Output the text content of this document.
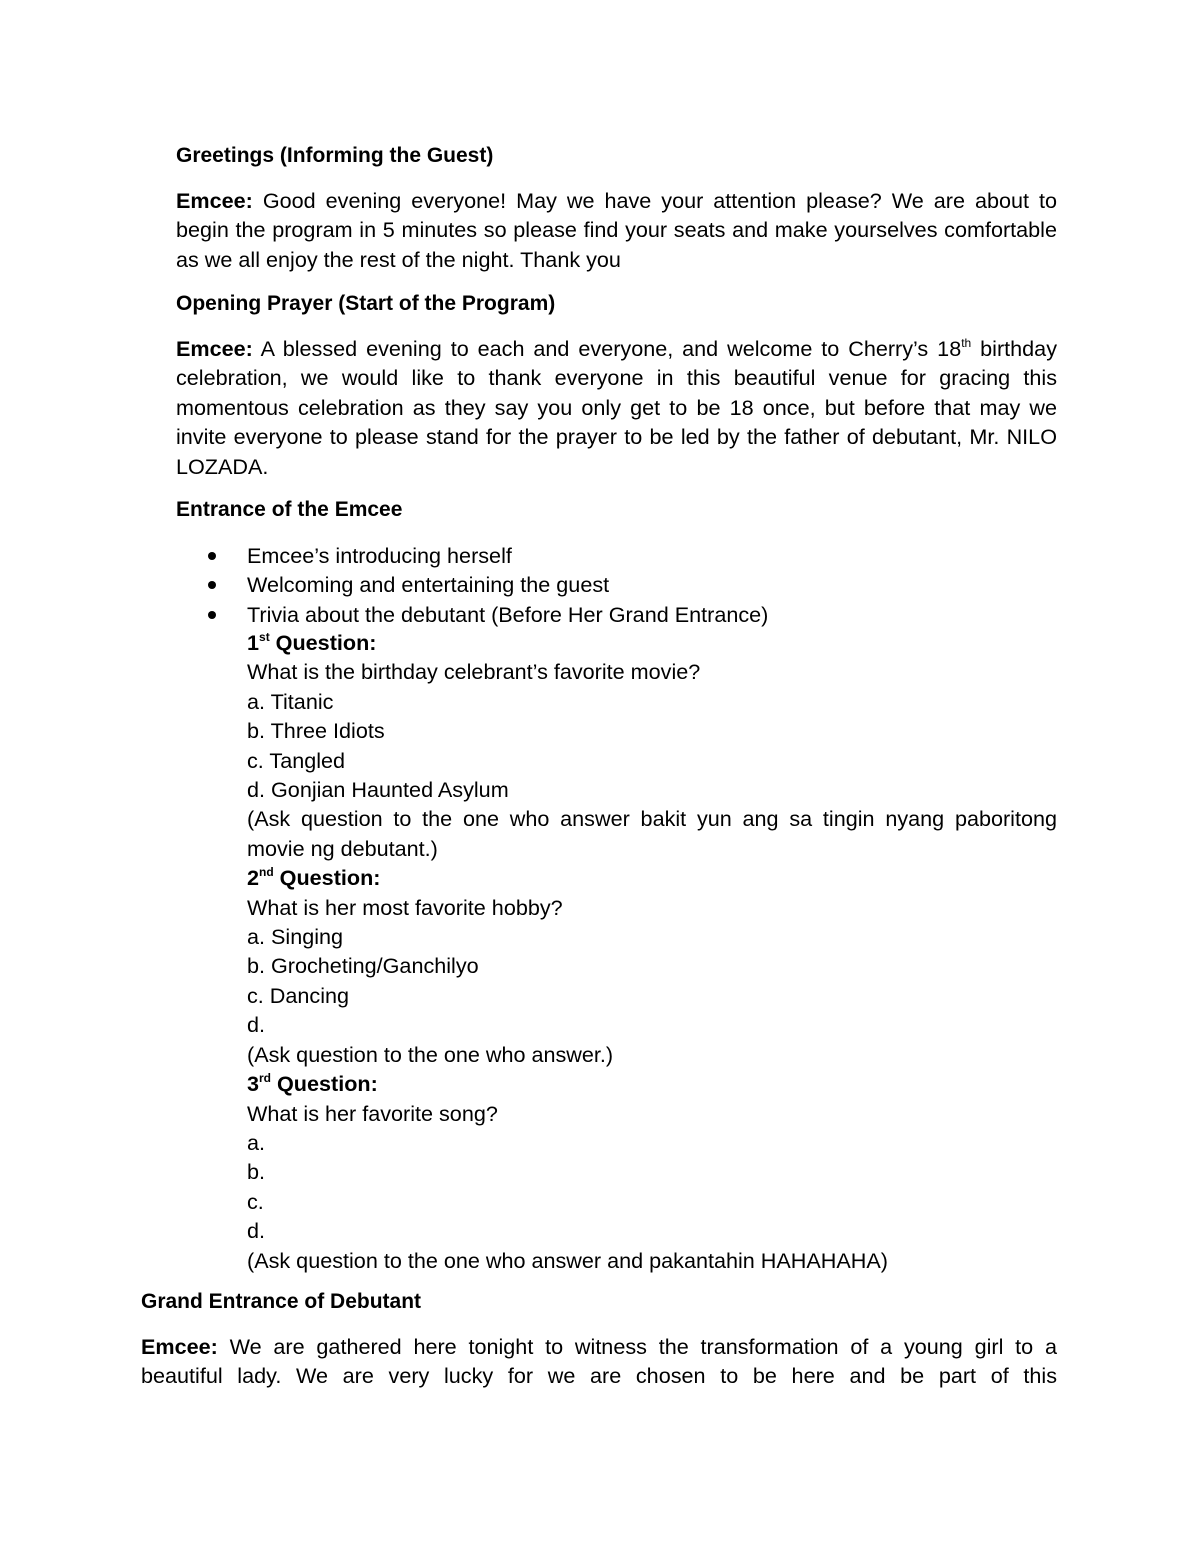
Greetings (Informing the Guest)
Emcee: Good evening everyone! May we have your attention please? We are about to begin the program in 5 minutes so please find your seats and make yourselves comfortable as we all enjoy the rest of the night. Thank you
Opening Prayer (Start of the Program)
Emcee: A blessed evening to each and everyone, and welcome to Cherry’s 18th birthday celebration, we would like to thank everyone in this beautiful venue for gracing this momentous celebration as they say you only get to be 18 once, but before that may we invite everyone to please stand for the prayer to be led by the father of debutant, Mr. NILO LOZADA.
Entrance of the Emcee
Emcee’s introducing herself
Welcoming and entertaining the guest
Trivia about the debutant (Before Her Grand Entrance)
1st Question:
What is the birthday celebrant’s favorite movie?
a. Titanic
b. Three Idiots
c. Tangled
d. Gonjian Haunted Asylum
(Ask question to the one who answer bakit yun ang sa tingin nyang paboritong movie ng debutant.)
2nd Question:
What is her most favorite hobby?
a. Singing
b. Grocheting/Ganchilyo
c. Dancing
d.
(Ask question to the one who answer.)
3rd Question:
What is her favorite song?
a.
b.
c.
d.
(Ask question to the one who answer and pakantahin HAHAHAHA)
Grand Entrance of Debutant
Emcee: We are gathered here tonight to witness the transformation of a young girl to a beautiful lady. We are very lucky for we are chosen to be here and be part of this
